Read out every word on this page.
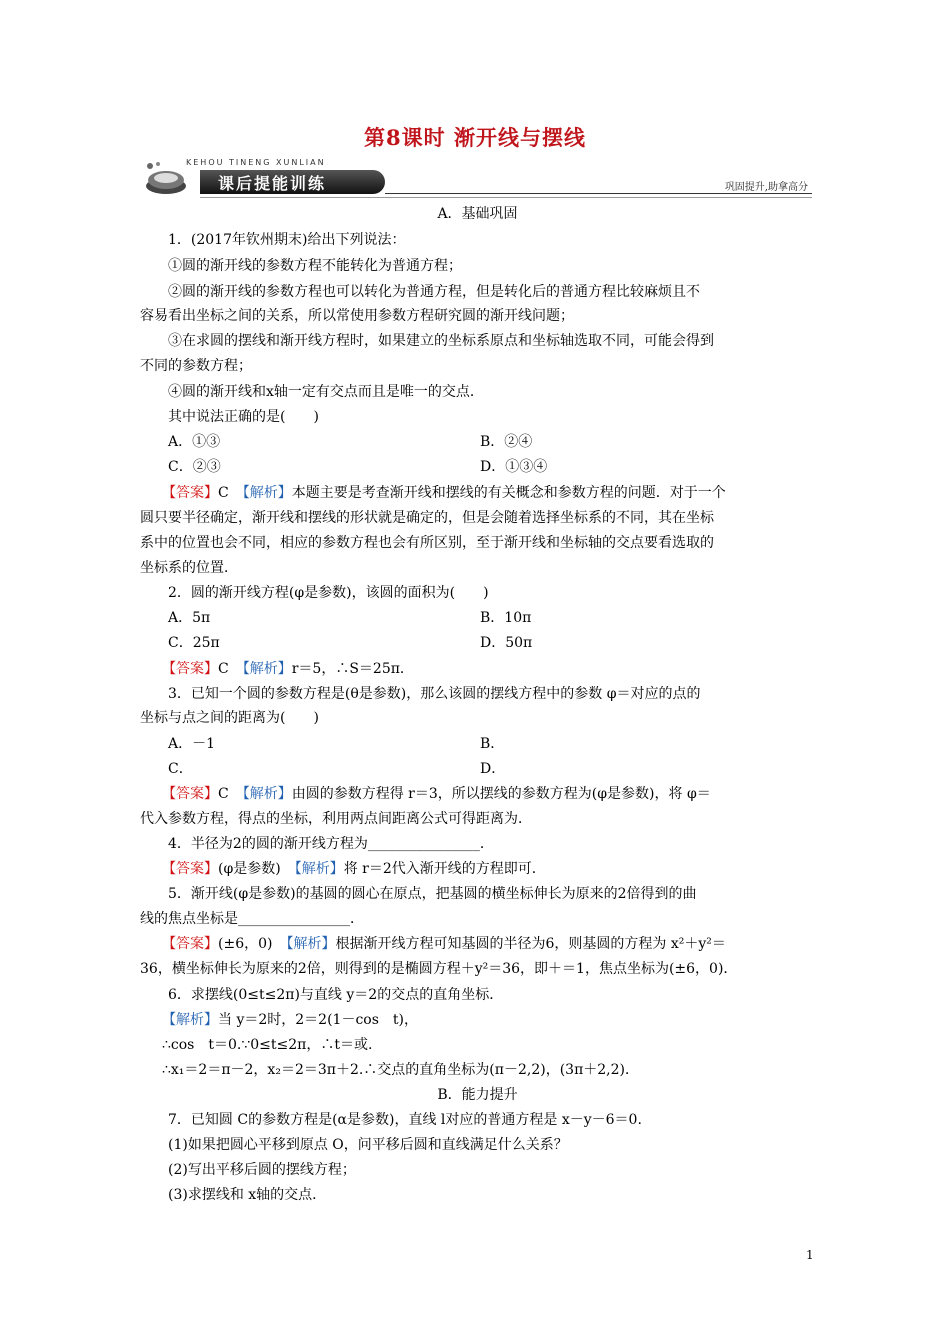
第8课时 渐开线与摆线
KEHOU TINENG XUNLIAN
课后提能训练	巩固提升,助拿高分
A．基础巩固
1．(2017年钦州期末)给出下列说法：
①圆的渐开线的参数方程不能转化为普通方程；
②圆的渐开线的参数方程也可以转化为普通方程，但是转化后的普通方程比较麻烦且不
容易看出坐标之间的关系，所以常使用参数方程研究圆的渐开线问题；
③在求圆的摆线和渐开线方程时，如果建立的坐标系原点和坐标轴选取不同，可能会得到
不同的参数方程；
④圆的渐开线和x轴一定有交点而且是唯一的交点．
其中说法正确的是(　　)
A．①③	B．②④
C．②③	D．①③④
【答案】C　【解析】本题主要是考查渐开线和摆线的有关概念和参数方程的问题．对于一个
圆只要半径确定，渐开线和摆线的形状就是确定的，但是会随着选择坐标系的不同，其在坐标
系中的位置也会不同，相应的参数方程也会有所区别，至于渐开线和坐标轴的交点要看选取的
坐标系的位置．
2．圆的渐开线方程(φ是参数)，该圆的面积为(　　)
A．5π	B．10π
C．25π	D．50π
【答案】C　【解析】r＝5，∴S＝25π．
3．已知一个圆的参数方程是(θ是参数)，那么该圆的摆线方程中的参数 φ＝对应的点的
坐标与点之间的距离为(　　)
A．－1	B．
C．	D．
【答案】C　【解析】由圆的参数方程得 r＝3，所以摆线的参数方程为(φ是参数)，将 φ＝
代入参数方程，得点的坐标，利用两点间距离公式可得距离为．
4．半径为2的圆的渐开线方程为________________．
【答案】(φ是参数)　【解析】将 r＝2代入渐开线的方程即可．
5．渐开线(φ是参数)的基圆的圆心在原点，把基圆的横坐标伸长为原来的2倍得到的曲
线的焦点坐标是________________．
【答案】(±6，0)　【解析】根据渐开线方程可知基圆的半径为6，则基圆的方程为 x²＋y²＝
36，横坐标伸长为原来的2倍，则得到的是椭圆方程＋y²＝36，即＋＝1，焦点坐标为(±6，0)．
6．求摆线(0≤t≤2π)与直线 y＝2的交点的直角坐标．
【解析】当 y＝2时，2＝2(1－cos　t)，
∴cos　t＝0.∵0≤t≤2π，∴t＝或.
∴x₁＝2＝π－2，x₂＝2＝3π＋2.∴交点的直角坐标为(π－2,2)，(3π＋2,2)．
B．能力提升
7．已知圆 C的参数方程是(α是参数)，直线 l对应的普通方程是 x－y－6＝0.
(1)如果把圆心平移到原点 O，问平移后圆和直线满足什么关系？
(2)写出平移后圆的摆线方程；
(3)求摆线和 x轴的交点．
1
